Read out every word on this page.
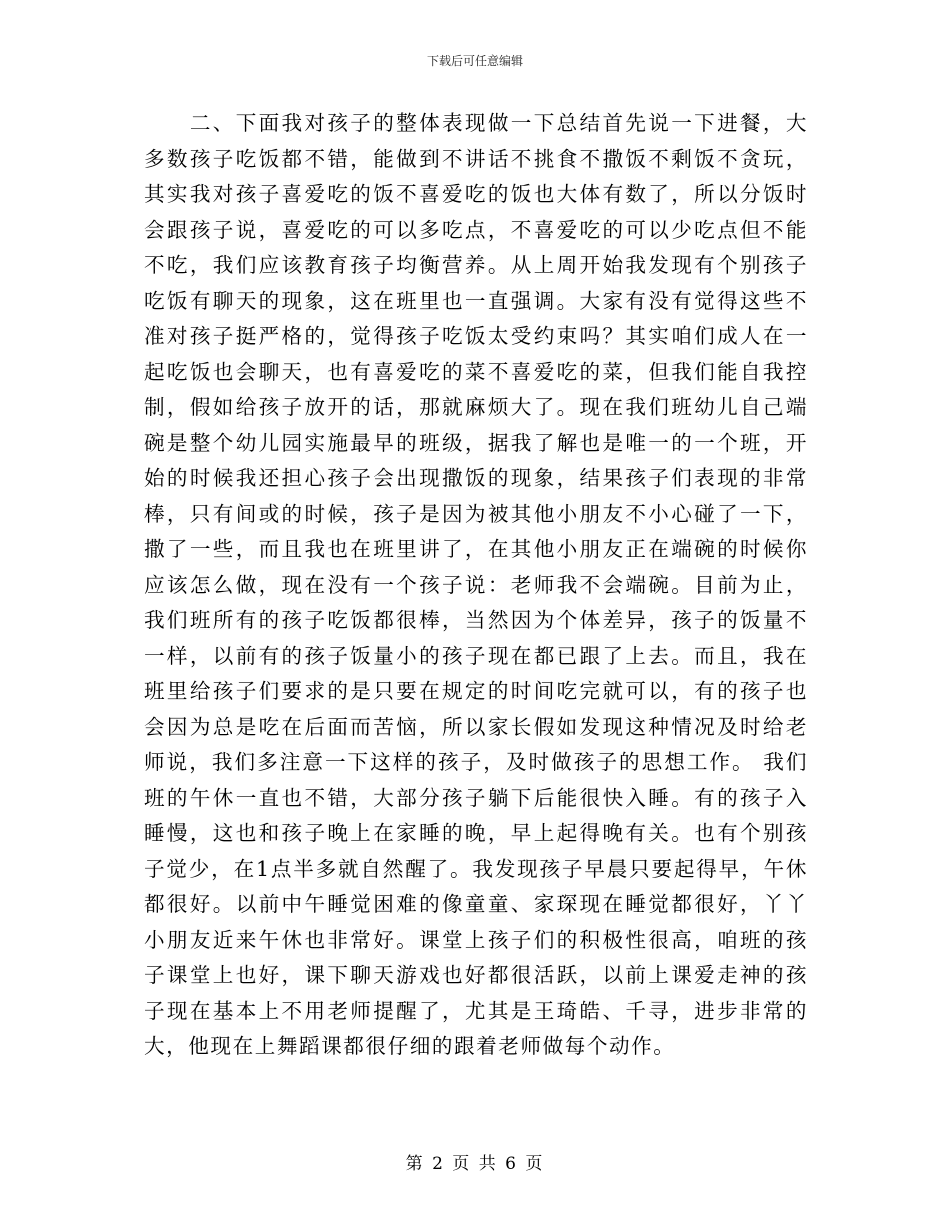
下载后可任意编辑

　　二、下面我对孩子的整体表现做一下总结首先说一下进餐，大多数孩子吃饭都不错，能做到不讲话不挑食不撒饭不剩饭不贪玩，其实我对孩子喜爱吃的饭不喜爱吃的饭也大体有数了，所以分饭时会跟孩子说，喜爱吃的可以多吃点，不喜爱吃的可以少吃点但不能不吃，我们应该教育孩子均衡营养。从上周开始我发现有个别孩子吃饭有聊天的现象，这在班里也一直强调。大家有没有觉得这些不准对孩子挺严格的，觉得孩子吃饭太受约束吗？其实咱们成人在一起吃饭也会聊天，也有喜爱吃的菜不喜爱吃的菜，但我们能自我控制，假如给孩子放开的话，那就麻烦大了。现在我们班幼儿自己端碗是整个幼儿园实施最早的班级，据我了解也是唯一的一个班，开始的时候我还担心孩子会出现撒饭的现象，结果孩子们表现的非常棒，只有间或的时候，孩子是因为被其他小朋友不小心碰了一下，撒了一些，而且我也在班里讲了，在其他小朋友正在端碗的时候你应该怎么做，现在没有一个孩子说：老师我不会端碗。目前为止，我们班所有的孩子吃饭都很棒，当然因为个体差异，孩子的饭量不一样，以前有的孩子饭量小的孩子现在都已跟了上去。而且，我在班里给孩子们要求的是只要在规定的时间吃完就可以，有的孩子也会因为总是吃在后面而苦恼，所以家长假如发现这种情况及时给老师说，我们多注意一下这样的孩子，及时做孩子的思想工作。 我们班的午休一直也不错，大部分孩子躺下后能很快入睡。有的孩子入睡慢，这也和孩子晚上在家睡的晚，早上起得晚有关。也有个别孩子觉少，在1点半多就自然醒了。我发现孩子早晨只要起得早，午休都很好。以前中午睡觉困难的像童童、家琛现在睡觉都很好，丫丫小朋友近来午休也非常好。课堂上孩子们的积极性很高，咱班的孩子课堂上也好，课下聊天游戏也好都很活跃，以前上课爱走神的孩子现在基本上不用老师提醒了，尤其是王琦皓、千寻，进步非常的大，他现在上舞蹈课都很仔细的跟着老师做每个动作。

第 2 页 共 6 页
